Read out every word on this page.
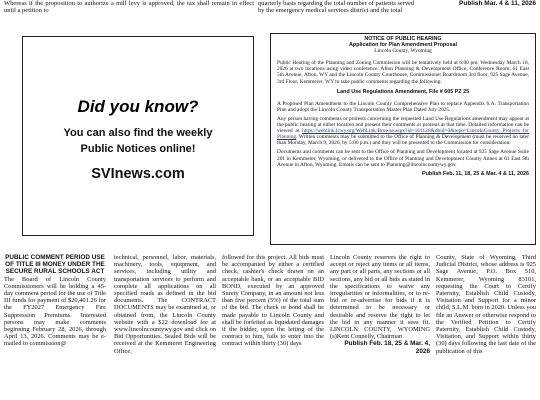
Whereas if the proposition to authorize a mill levy is approved, the tax shall remain in effect until a petition to
quarterly basis regarding the total number of patients served by the emergency medical services district and the total
Publish Mar. 4 & 11, 2026
Did you know?
You can also find the weekly
Public Notices online!
SVInews.com

NOTICE OF PUBLIC HEARING

Application for Plan Amendment Proposal

Lincoln County, Wyoming

Public Hearing of the Planning and Zoning Commission will be tentatively held at 6:00 pm, Wednesday March 18, 2026 at two locations using video conference: Afton Planning & Development Office, Conference Room, 61 East 5th Avenue, Afton, WY and the Lincoln County Courthouse, Commissioner Boardroom 3rd floor, 925 Sage Avenue, 3rd Floor, Kemmerer, WY to take public comments regarding the following:

Land Use Regulations Amendment, File # 605 PZ 25

A Proposed Plan Amendment to the Lincoln County Comprehensive Plan to replace Appendix 6.A. Transportation Plan and adopt the Lincoln County Transportation Master Plan Dated July 2025.

Any person having comments or protests concerning the requested Land Use Regulations amendment may appear at the public hearing at either location and present their comments or protests at that time. Detailed information can be viewed at https://weblink.lcwy.org/WebLink/Browse.aspx?id=161128&dbid=0&repo=LincolnCounty Projects for Planning. Written comments may be submitted to the Office of Planning & Development (must be received no later than Monday, March 9, 2026, by 5:00 p.m.) and they will be presented to the Commission for consideration.

Documents and comments can be sent to the Office of Planning and Development located at 925 Sage Avenue Suite 201 in Kemmerer, Wyoming, or delivered to the Office of Planning and Development County Annex at 61 East 5th Avenue in Afton, Wyoming. Emails can be sent to Planning@lincolncountywy.gov.

Publish Feb. 11, 18, 25 & Mar. 4 & 11, 2026

PUBLIC COMMENT PERIOD USE OF TITLE III MONEY UNDER THE SECURE RURAL SCHOOLS ACT
The Board of Lincoln County Commissioners will be holding a 45-day comment period for the use of Title III funds for payment of $20,401.26 for the FY2027 Emergency Fire Suppression Premiums. Interested persons may make comments beginning February 28, 2026, through April 13, 2026. Comments may be e-mailed to commission@
technical, personnel, labor, materials, machinery, tools, equipment, and services, including utility and transportation services to perform and complete all applications on all specified roads as defined in the bid documents. The CONTRACT DOCUMENTS may be examined at, or obtained from, the Lincoln County website with a $22 download fee at www.lincolncountywy.gov and click on Bid Opportunities. Sealed Bids will be received at the Kemmerer Engineering Office,
followed for this project. All bids must be accompanied by either a certified check, cashier's check drawn on an acceptable bank, or an acceptable BID BOND, executed by an approved Surety Company, in an amount not less than five percent (5%) of the total sum of the bid. The check or bond shall be made payable to Lincoln County and shall be forfeited as liquidated damages if the bidder, upon the letting of the contract to him, fails to enter into the contract within thirty (30) days
Lincoln County reserves the right to accept or reject any items or all items, any part or all parts, any sections or all sections, any bid or all bids as stated in the specifications to waive any irregularities or informalities, or to re-bid or re-advertise for bids if it is determined to be necessary or desirable and reserve the right to let the bid in any manner it sees fit. LINCOLN COUNTY, WYOMING (s)Kent Connelly, Chairman
Publish Feb. 18, 25 & Mar. 4, 2026
County, State of Wyoming, Third Judicial District, whose address is 925 Sage Avenue, P.O. Box 510, Kemmerer, Wyoming 83101, requesting the Court to Certify Paternity, Establish Child Custody, Visitation and Support for a minor child, S.L.M. born in 2020. Unless you file an Answer or otherwise respond to the Verified Petition to Certify Paternity, Establish Child Custody, Visitation, and Support within thirty (30) days following the last date of the publication of this
